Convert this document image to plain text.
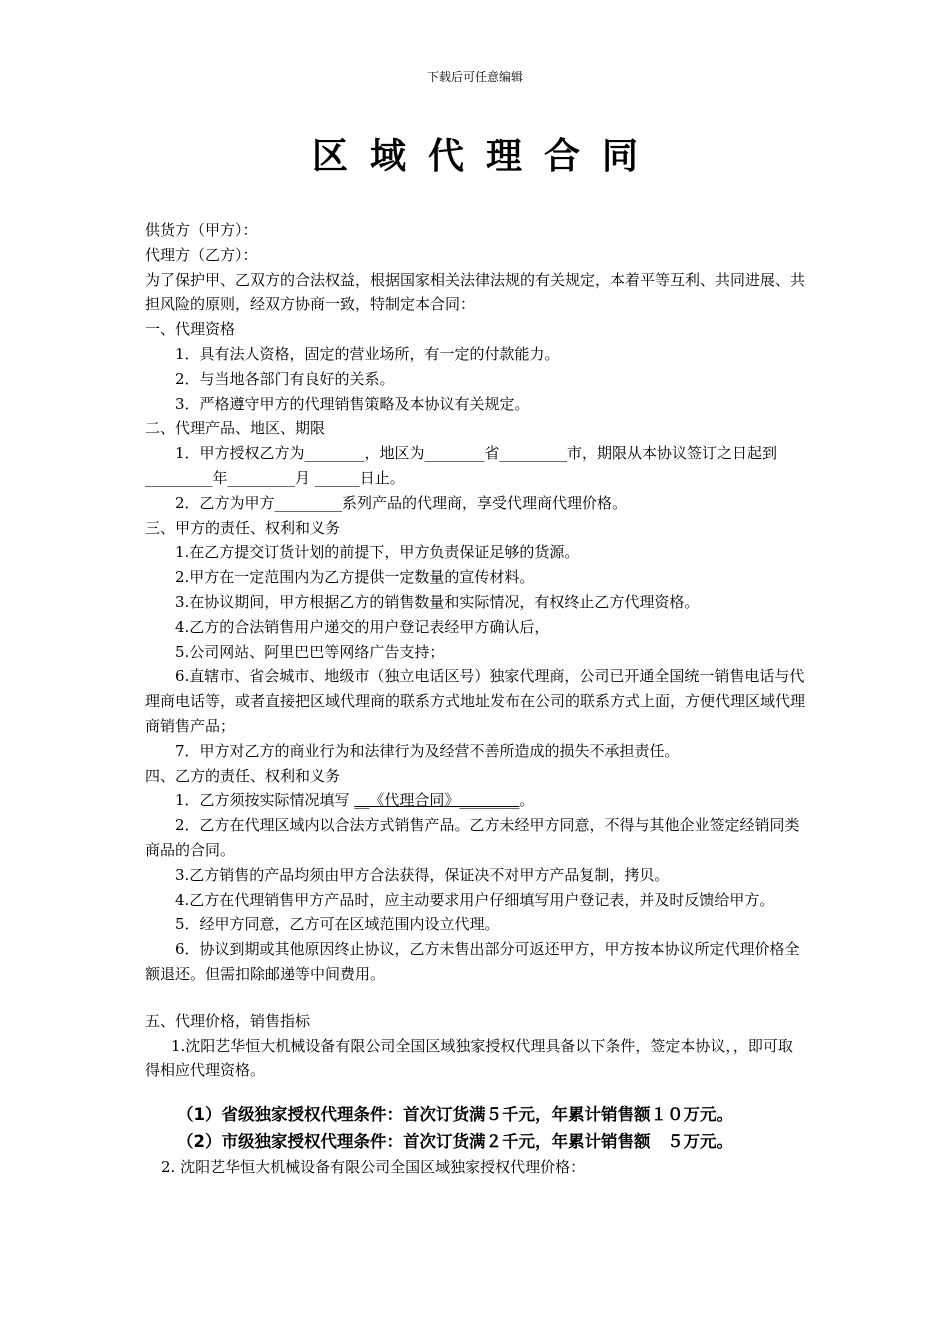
下载后可任意编辑
区域代理合同
供货方（甲方）：
代理方（乙方）：
为了保护甲、乙双方的合法权益，根据国家相关法律法规的有关规定，本着平等互利、共同进展、共担风险的原则，经双方协商一致，特制定本合同：
一、代理资格
1．具有法人资格，固定的营业场所，有一定的付款能力。
2．与当地各部门有良好的关系。
3．严格遵守甲方的代理销售策略及本协议有关规定。
二、代理产品、地区、期限
1．甲方授权乙方为________，地区为________省_________市，期限从本协议签订之日起到_________年_________月 ______日止。
2．乙方为甲方_________系列产品的代理商，享受代理商代理价格。
三、甲方的责任、权利和义务
1.在乙方提交订货计划的前提下，甲方负责保证足够的货源。
2.甲方在一定范围内为乙方提供一定数量的宣传材料。
3.在协议期间，甲方根据乙方的销售数量和实际情况，有权终止乙方代理资格。
4.乙方的合法销售用户递交的用户登记表经甲方确认后，
5.公司网站、阿里巴巴等网络广告支持；
6.直辖市、省会城市、地级市（独立电话区号）独家代理商，公司已开通全国统一销售电话与代理商电话等，或者直接把区域代理商的联系方式地址发布在公司的联系方式上面，方便代理区域代理商销售产品；
7．甲方对乙方的商业行为和法律行为及经营不善所造成的损失不承担责任。
四、乙方的责任、权利和义务
1．乙方须按实际情况填写 __《代理合同》________。
2．乙方在代理区域内以合法方式销售产品。乙方未经甲方同意，不得与其他企业签定经销同类商品的合同。
3.乙方销售的产品均须由甲方合法获得，保证决不对甲方产品复制，拷贝。
4.乙方在代理销售甲方产品时，应主动要求用户仔细填写用户登记表，并及时反馈给甲方。
5．经甲方同意，乙方可在区域范围内设立代理。
6．协议到期或其他原因终止协议，乙方未售出部分可返还甲方，甲方按本协议所定代理价格全额退还。但需扣除邮递等中间费用。
五、代理价格，销售指标
1.沈阳艺华恒大机械设备有限公司全国区域独家授权代理具备以下条件，签定本协议，，即可取得相应代理资格。
（1）省级独家授权代理条件：首次订货满５千元，年累计销售额１０万元。
（2）市级独家授权代理条件：首次订货满２千元，年累计销售额　５万元。
2. 沈阳艺华恒大机械设备有限公司全国区域独家授权代理价格：
